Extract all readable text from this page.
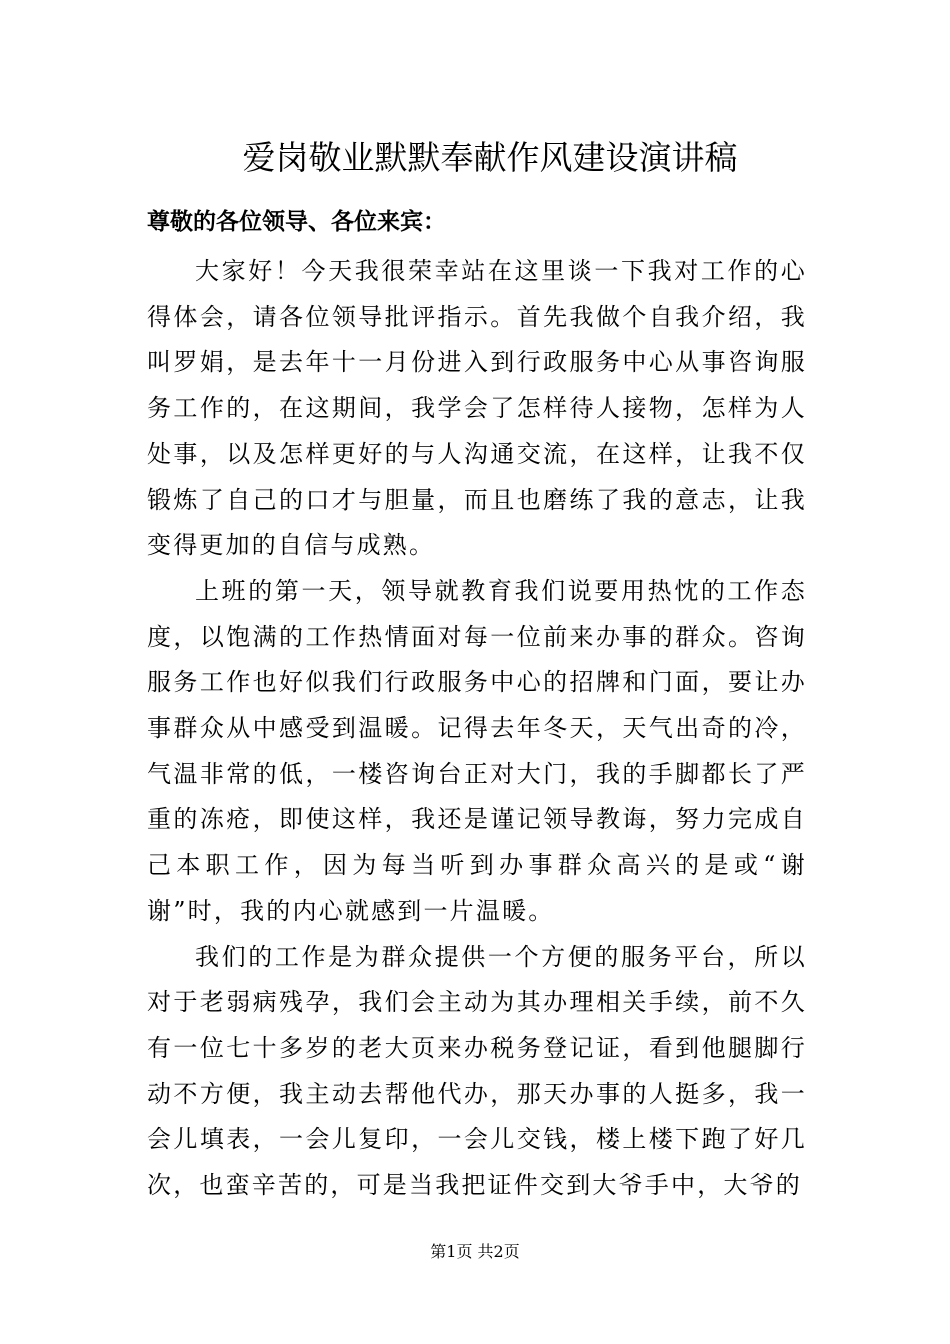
爱岗敬业默默奉献作风建设演讲稿

尊敬的各位领导、各位来宾：

大家好！今天我很荣幸站在这里谈一下我对工作的心得体会，请各位领导批评指示。首先我做个自我介绍，我叫罗娟，是去年十一月份进入到行政服务中心从事咨询服务工作的，在这期间，我学会了怎样待人接物，怎样为人处事，以及怎样更好的与人沟通交流，在这样，让我不仅锻炼了自己的口才与胆量，而且也磨练了我的意志，让我变得更加的自信与成熟。

上班的第一天，领导就教育我们说要用热忱的工作态度，以饱满的工作热情面对每一位前来办事的群众。咨询服务工作也好似我们行政服务中心的招牌和门面，要让办事群众从中感受到温暖。记得去年冬天，天气出奇的冷，气温非常的低，一楼咨询台正对大门，我的手脚都长了严重的冻疮，即使这样，我还是谨记领导教诲，努力完成自己本职工作，因为每当听到办事群众高兴的是或“谢谢”时，我的内心就感到一片温暖。

我们的工作是为群众提供一个方便的服务平台，所以对于老弱病残孕，我们会主动为其办理相关手续，前不久有一位七十多岁的老大页来办税务登记证，看到他腿脚行动不方便，我主动去帮他代办，那天办事的人挺多，我一会儿填表，一会儿复印，一会儿交钱，楼上楼下跑了好几次，也蛮辛苦的，可是当我把证件交到大爷手中，大爷的

第1页 共2页
